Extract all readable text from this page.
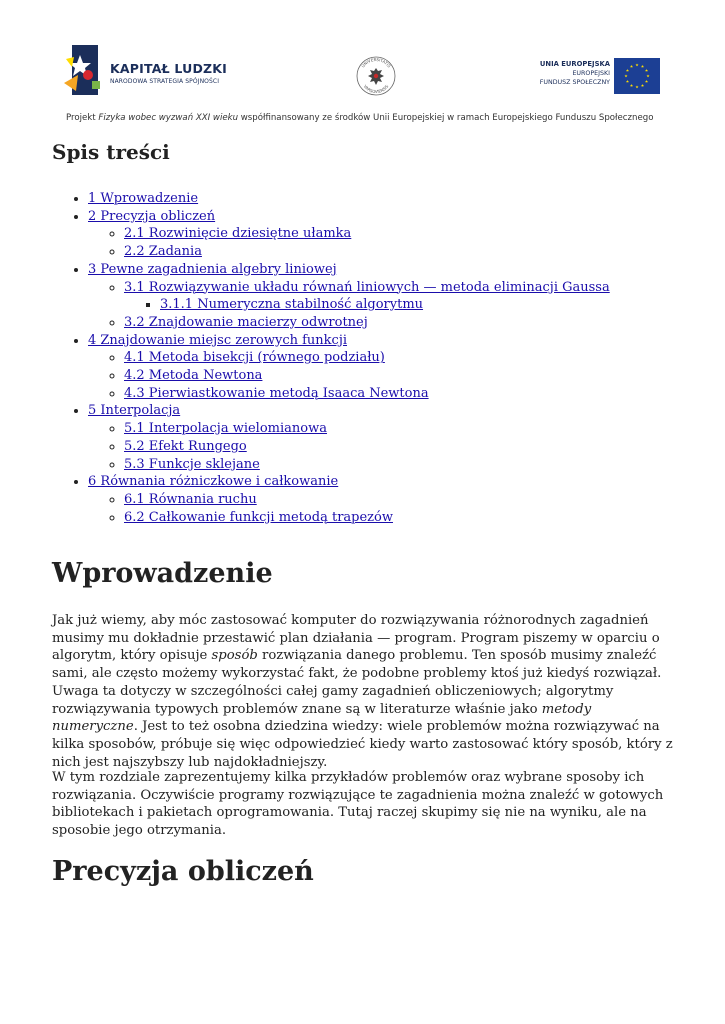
KAPITAŁ LUDZKI
NARODOWA STRATEGIA SPÓJNOŚCI
UNIVERSITATIS
VARSOVIENSIS
UNIA EUROPEJSKA
EUROPEJSKI
FUNDUSZ SPOŁECZNY
Projekt Fizyka wobec wyzwań XXI wieku współfinansowany ze środków Unii Europejskiej w ramach Europejskiego Funduszu Społecznego
Spis treści
• 1 Wprowadzenie
• 2 Precyzja obliczeń
◦ 2.1 Rozwinięcie dziesiętne ułamka
◦ 2.2 Zadania
• 3 Pewne zagadnienia algebry liniowej
◦ 3.1 Rozwiązywanie układu równań liniowych — metoda eliminacji Gaussa
▪ 3.1.1 Numeryczna stabilność algorytmu
◦ 3.2 Znajdowanie macierzy odwrotnej
• 4 Znajdowanie miejsc zerowych funkcji
◦ 4.1 Metoda bisekcji (równego podziału)
◦ 4.2 Metoda Newtona
◦ 4.3 Pierwiastkowanie metodą Isaaca Newtona
• 5 Interpolacja
◦ 5.1 Interpolacja wielomianowa
◦ 5.2 Efekt Rungego
◦ 5.3 Funkcje sklejane
• 6 Równania różniczkowe i całkowanie
◦ 6.1 Równania ruchu
◦ 6.2 Całkowanie funkcji metodą trapezów
Wprowadzenie

Jak już wiemy, aby móc zastosować komputer do rozwiązywania różnorodnych zagadnień musimy mu dokładnie przestawić plan działania — program. Program piszemy w oparciu o algorytm, który opisuje sposób rozwiązania danego problemu. Ten sposób musimy znaleźć sami, ale często możemy wykorzystać fakt, że podobne problemy ktoś już kiedyś rozwiązał. Uwaga ta dotyczy w szczególności całej gamy zagadnień obliczeniowych; algorytmy rozwiązywania typowych problemów znane są w literaturze właśnie jako metody numeryczne. Jest to też osobna dziedzina wiedzy: wiele problemów można rozwiązywać na kilka sposobów, próbuje się więc odpowiedzieć kiedy warto zastosować który sposób, który z nich jest najszybszy lub najdokładniejszy.

W tym rozdziale zaprezentujemy kilka przykładów problemów oraz wybrane sposoby ich rozwiązania. Oczywiście programy rozwiązujące te zagadnienia można znaleźć w gotowych bibliotekach i pakietach oprogramowania. Tutaj raczej skupimy się nie na wyniku, ale na sposobie jego otrzymania.

Precyzja obliczeń
